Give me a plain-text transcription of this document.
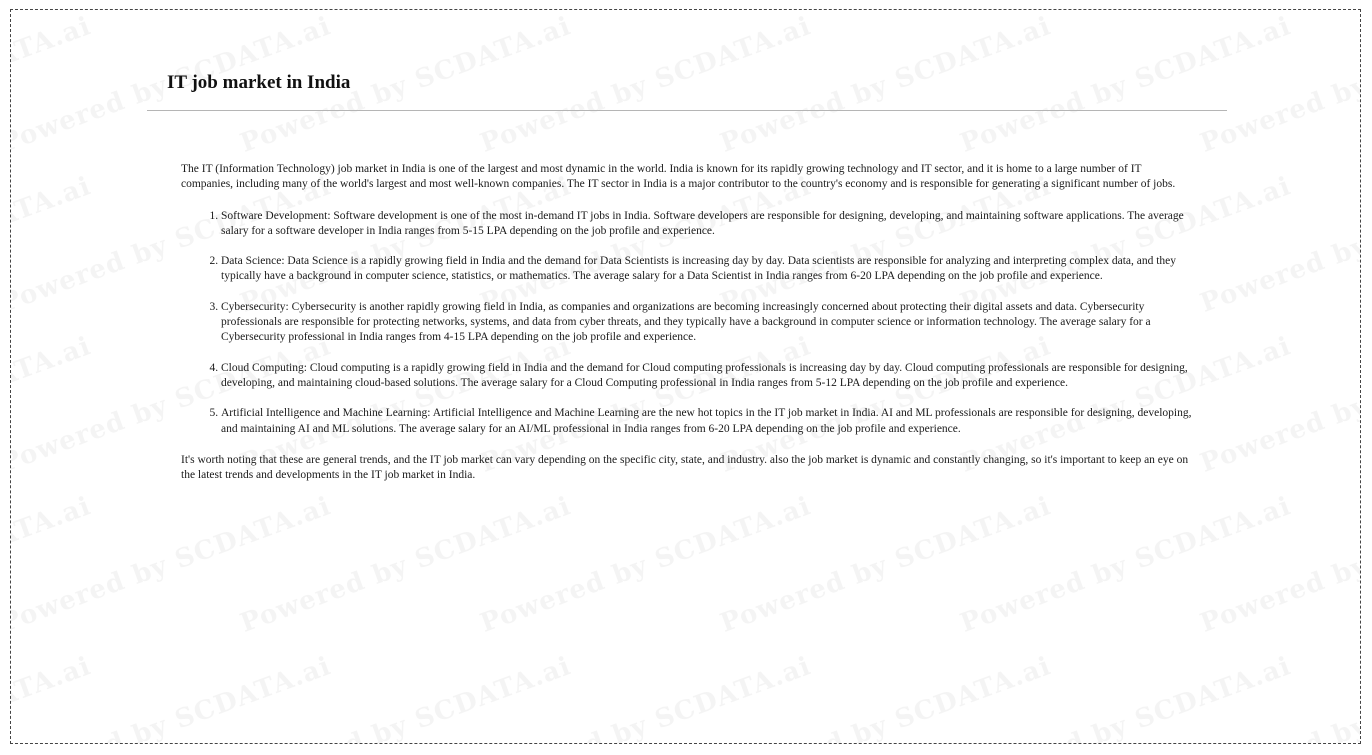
IT job market in India

The IT (Information Technology) job market in India is one of the largest and most dynamic in the world. India is known for its rapidly growing technology and IT sector, and it is home to a large number of IT companies, including many of the world's largest and most well-known companies. The IT sector in India is a major contributor to the country's economy and is responsible for generating a significant number of jobs.

1. Software Development: Software development is one of the most in-demand IT jobs in India. Software developers are responsible for designing, developing, and maintaining software applications. The average salary for a software developer in India ranges from 5-15 LPA depending on the job profile and experience.
2. Data Science: Data Science is a rapidly growing field in India and the demand for Data Scientists is increasing day by day. Data scientists are responsible for analyzing and interpreting complex data, and they typically have a background in computer science, statistics, or mathematics. The average salary for a Data Scientist in India ranges from 6-20 LPA depending on the job profile and experience.
3. Cybersecurity: Cybersecurity is another rapidly growing field in India, as companies and organizations are becoming increasingly concerned about protecting their digital assets and data. Cybersecurity professionals are responsible for protecting networks, systems, and data from cyber threats, and they typically have a background in computer science or information technology. The average salary for a Cybersecurity professional in India ranges from 4-15 LPA depending on the job profile and experience.
4. Cloud Computing: Cloud computing is a rapidly growing field in India and the demand for Cloud computing professionals is increasing day by day. Cloud computing professionals are responsible for designing, developing, and maintaining cloud-based solutions. The average salary for a Cloud Computing professional in India ranges from 5-12 LPA depending on the job profile and experience.
5. Artificial Intelligence and Machine Learning: Artificial Intelligence and Machine Learning are the new hot topics in the IT job market in India. AI and ML professionals are responsible for designing, developing, and maintaining AI and ML solutions. The average salary for an AI/ML professional in India ranges from 6-20 LPA depending on the job profile and experience.

It's worth noting that these are general trends, and the IT job market can vary depending on the specific city, state, and industry. also the job market is dynamic and constantly changing, so it's important to keep an eye on the latest trends and developments in the IT job market in India.
